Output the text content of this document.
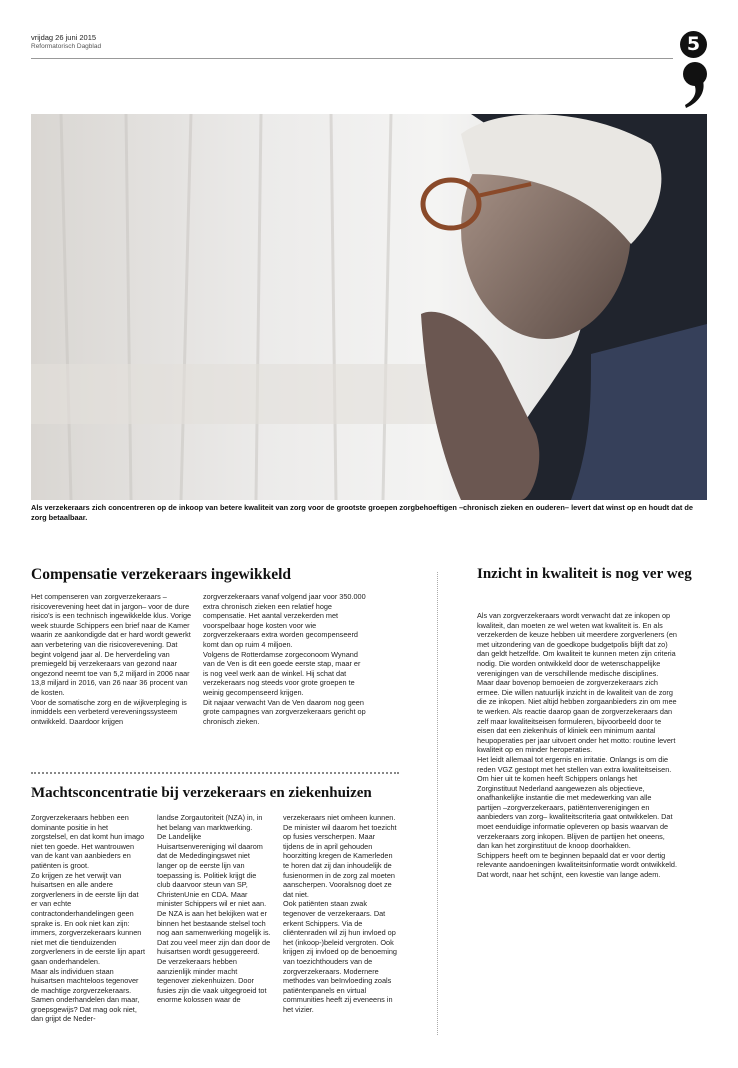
vrijdag 26 juni 2015
Reformatorisch Dagblad	5
Als verzekeraars zich concentreren op de inkoop van betere kwaliteit van zorg voor de grootste groepen zorgbehoeftigen –chronisch zieken en ouderen– levert dat winst op en houdt dat de zorg betaalbaar.
Compensatie verzekeraars ingewikkeld

Het compenseren van zorgverzekeraars –risicoverevening heet dat in jargon– voor de dure risico’s is een technisch ingewikkelde klus. Vorige week stuurde Schippers een brief naar de Kamer waarin ze aankondigde dat er hard wordt gewerkt aan verbetering van die risicoverevening. Dat begint volgend jaar al. De herverdeling van premiegeld bij verzekeraars van gezond naar ongezond neemt toe van 5,2 miljard in 2006 naar 13,8 miljard in 2016, van 26 naar 36 procent van de kosten.
Voor de somatische zorg en de wijkverpleging is inmiddels een verbeterd vereveningssysteem ontwikkeld. Daardoor krijgen

zorgverzekeraars vanaf volgend jaar voor 350.000 extra chronisch zieken een relatief hoge compensatie. Het aantal verzekerden met voorspelbaar hoge kosten voor wie zorgverzekeraars extra worden gecompenseerd komt dan op ruim 4 miljoen.
Volgens de Rotterdamse zorgeconoom Wynand van de Ven is dit een goede eerste stap, maar er is nog veel werk aan de winkel. Hij schat dat verzekeraars nog steeds voor grote groepen te weinig gecompenseerd krijgen.
Dit najaar verwacht Van de Ven daarom nog geen grote campagnes van zorgverzekeraars gericht op chronisch zieken.

Machtsconcentratie bij verzekeraars en ziekenhuizen

Zorgverzekeraars hebben een dominante positie in het zorgstelsel, en dat komt hun imago niet ten goede. Het wantrouwen van de kant van aanbieders en patiënten is groot.
Zo krijgen ze het verwijt van huisartsen en alle andere zorgverleners in de eerste lijn dat er van echte contractonderhandelingen geen sprake is. En ook niet kan zijn: immers, zorgverzekeraars kunnen niet met die tienduizenden zorgverleners in de eerste lijn apart gaan onderhandelen.
Maar als individuen staan huisartsen machteloos tegenover de machtige zorgverzekeraars. Samen onderhandelen dan maar, groepsgewijs? Dat mag ook niet, dan grijpt de Neder-

landse Zorgautoriteit (NZA) in, in het belang van marktwerking.
De Landelijke Huisartsenvereniging wil daarom dat de Mededingingswet niet langer op de eerste lijn van toepassing is. Politiek krijgt die club daarvoor steun van SP, ChristenUnie en CDA. Maar minister Schippers wil er niet aan. De NZA is aan het bekijken wat er binnen het bestaande stelsel toch nog aan samenwerking mogelijk is. Dat zou veel meer zijn dan door de huisartsen wordt gesuggereerd.
De verzekeraars hebben aanzienlijk minder macht tegenover ziekenhuizen. Door fusies zijn die vaak uitgegroeid tot enorme kolossen waar de

verzekeraars niet omheen kunnen. De minister wil daarom het toezicht op fusies verscherpen. Maar tijdens de in april gehouden hoorzitting kregen de Kamerleden te horen dat zij dan inhoudelijk de fusienormen in de zorg zal moeten aanscherpen. Vooralsnog doet ze dat niet.
Ook patiënten staan zwak tegenover de verzekeraars. Dat erkent Schippers. Via de cliëntenraden wil zij hun invloed op het (inkoop-)beleid vergroten. Ook krijgen zij invloed op de benoeming van toezichthouders van de zorgverzekeraars. Modernere methodes van beïnvloeding zoals patiëntenpanels en virtual communities heeft zij eveneens in het vizier.

Inzicht in kwaliteit is nog ver weg

Als van zorgverzekeraars wordt verwacht dat ze inkopen op kwaliteit, dan moeten ze wel weten wat kwaliteit is. En als verzekerden de keuze hebben uit meerdere zorgverleners (en met uitzondering van de goedkope budgetpolis blijft dat zo) dan geldt hetzelfde. Om kwaliteit te kunnen meten zijn criteria nodig. Die worden ontwikkeld door de wetenschappelijke verenigingen van de verschillende medische disciplines.
Maar daar bovenop bemoeien de zorgverzekeraars zich ermee. Die willen natuurlijk inzicht in de kwaliteit van de zorg die ze inkopen. Niet altijd hebben zorgaanbieders zin om mee te werken. Als reactie daarop gaan de zorgverzekeraars dan zelf maar kwaliteitseisen formuleren, bijvoorbeeld door te eisen dat een ziekenhuis of kliniek een minimum aantal heupoperaties per jaar uitvoert onder het motto: routine levert kwaliteit op en minder heroperaties.
Het leidt allemaal tot ergernis en irritatie. Onlangs is om die reden VGZ gestopt met het stellen van extra kwaliteitseisen.
Om hier uit te komen heeft Schippers onlangs het Zorginstituut Nederland aangewezen als objectieve, onafhankelijke instantie die met medewerking van alle partijen –zorgverzekeraars, patiëntenverenigingen en aanbieders van zorg– kwaliteitscriteria gaat ontwikkelen. Dat moet eenduidige informatie opleveren op basis waarvan de verzekeraars zorg inkopen. Blijven de partijen het oneens, dan kan het zorginstituut de knoop doorhakken.
Schippers heeft om te beginnen bepaald dat er voor dertig relevante aandoeningen kwaliteitsinformatie wordt ontwikkeld. Dat wordt, naar het schijnt, een kwestie van lange adem.
